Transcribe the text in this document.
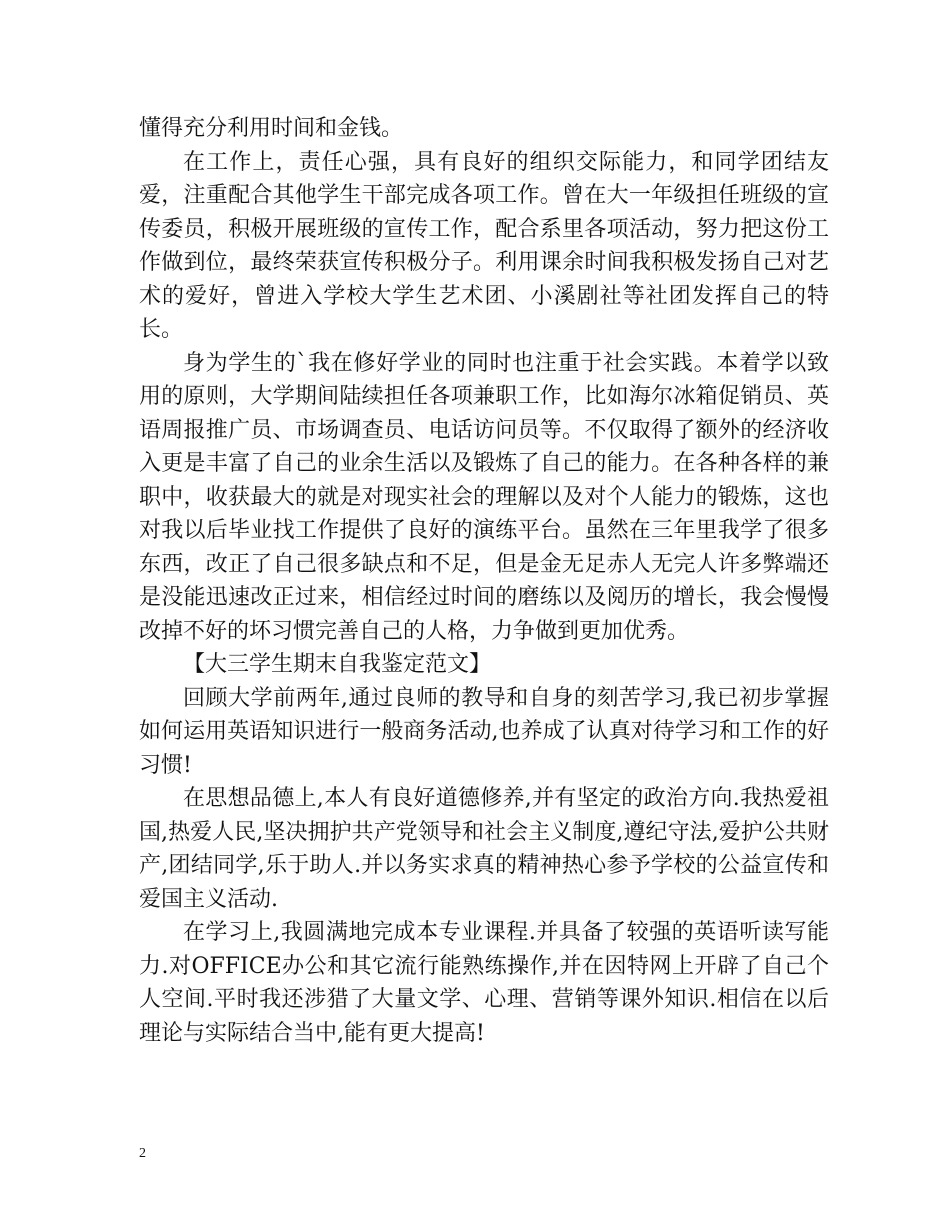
懂得充分利用时间和金钱。

在工作上，责任心强，具有良好的组织交际能力，和同学团结友爱，注重配合其他学生干部完成各项工作。曾在大一年级担任班级的宣传委员，积极开展班级的宣传工作，配合系里各项活动，努力把这份工作做到位，最终荣获宣传积极分子。利用课余时间我积极发扬自己对艺术的爱好，曾进入学校大学生艺术团、小溪剧社等社团发挥自己的特长。

身为学生的`我在修好学业的同时也注重于社会实践。本着学以致用的原则，大学期间陆续担任各项兼职工作，比如海尔冰箱促销员、英语周报推广员、市场调查员、电话访问员等。不仅取得了额外的经济收入更是丰富了自己的业余生活以及锻炼了自己的能力。在各种各样的兼职中，收获最大的就是对现实社会的理解以及对个人能力的锻炼，这也对我以后毕业找工作提供了良好的演练平台。虽然在三年里我学了很多东西，改正了自己很多缺点和不足，但是金无足赤人无完人许多弊端还是没能迅速改正过来，相信经过时间的磨练以及阅历的增长，我会慢慢改掉不好的坏习惯完善自己的人格，力争做到更加优秀。

【大三学生期末自我鉴定范文】

回顾大学前两年,通过良师的教导和自身的刻苦学习,我已初步掌握如何运用英语知识进行一般商务活动,也养成了认真对待学习和工作的好习惯!

在思想品德上,本人有良好道德修养,并有坚定的政治方向.我热爱祖国,热爱人民,坚决拥护共产党领导和社会主义制度,遵纪守法,爱护公共财产,团结同学,乐于助人.并以务实求真的精神热心参予学校的公益宣传和爱国主义活动.

在学习上,我圆满地完成本专业课程.并具备了较强的英语听读写能力.对OFFICE办公和其它流行能熟练操作,并在因特网上开辟了自己个人空间.平时我还涉猎了大量文学、心理、营销等课外知识.相信在以后理论与实际结合当中,能有更大提高!

2
